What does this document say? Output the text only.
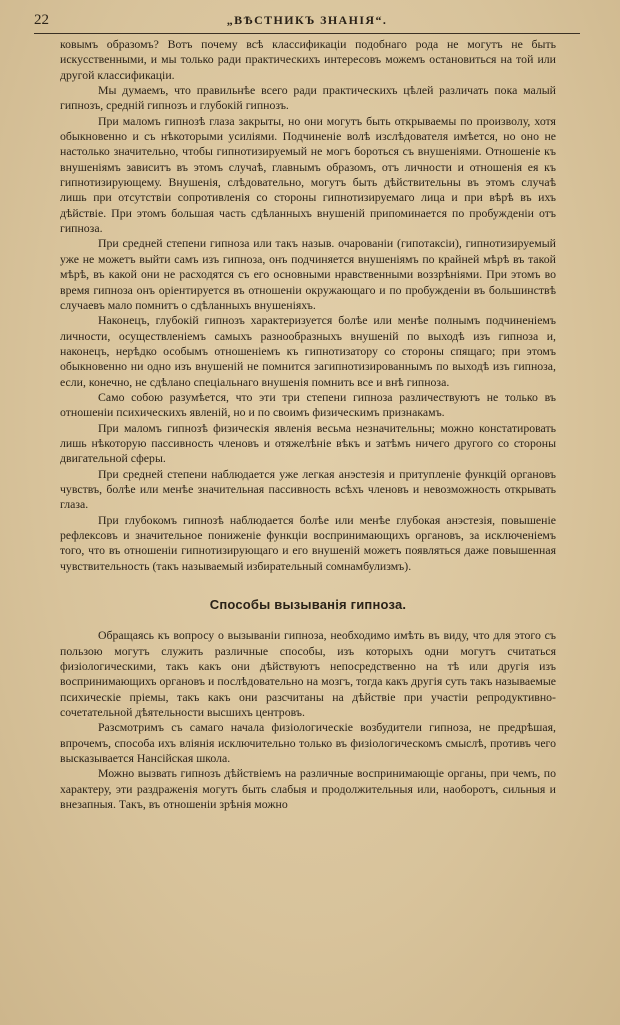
22	„ВѢСТНИКЪ ЗНАНІЯ“.

ковымъ образомъ? Вотъ почему всѣ классификаціи подобнаго рода не могутъ не быть искусственными, и мы только ради практическихъ интересовъ можемъ остановиться на той или другой классификаціи.

Мы думаемъ, что правильнѣе всего ради практическихъ цѣлей различать пока малый гипнозъ, средній гипнозъ и глубокій гипнозъ.

При маломъ гипнозѣ глаза закрыты, но они могутъ быть открываемы по произволу, хотя обыкновенно и съ нѣкоторыми усиліями. Подчиненіе волѣ изслѣдователя имѣется, но оно не настолько значительно, чтобы гипнотизируемый не могъ бороться съ внушеніями. Отношеніе къ внушеніямъ зависитъ въ этомъ случаѣ, главнымъ образомъ, отъ личности и отношенія ея къ гипнотизирующему. Внушенія, слѣдовательно, могутъ быть дѣйствительны въ этомъ случаѣ лишь при отсутствіи сопротивленія со стороны гипнотизируемаго лица и при вѣрѣ въ ихъ дѣйствіе. При этомъ большая часть сдѣланныхъ внушеній припоминается по пробужденіи отъ гипноза.

При средней степени гипноза или такъ назыв. очарованіи (гипотаксіи), гипнотизируемый уже не можетъ выйти самъ изъ гипноза, онъ подчиняется внушеніямъ по крайней мѣрѣ въ такой мѣрѣ, въ какой они не расходятся съ его основными нравственными воззрѣніями. При этомъ во время гипноза онъ оріентируется въ отношеніи окружающаго и по пробужденіи въ большинствѣ случаевъ мало помнитъ о сдѣланныхъ внушеніяхъ.

Наконецъ, глубокій гипнозъ характеризуется болѣе или менѣе полнымъ подчиненіемъ личности, осуществленіемъ самыхъ разнообразныхъ внушеній по выходѣ изъ гипноза и, наконецъ, нерѣдко особымъ отношеніемъ къ гипнотизатору со стороны спящаго; при этомъ обыкновенно ни одно изъ внушеній не помнится загипнотизированнымъ по выходѣ изъ гипноза, если, конечно, не сдѣлано спеціальнаго внушенія помнить все и внѣ гипноза.

Само собою разумѣется, что эти три степени гипноза различествуютъ не только въ отношеніи психическихъ явленій, но и по своимъ физическимъ признакамъ.

При маломъ гипнозѣ физическія явленія весьма незначительны; можно констатировать лишь нѣкоторую пассивность членовъ и отяжелѣніе вѣкъ и затѣмъ ничего другого со стороны двигательной сферы.

При средней степени наблюдается уже легкая анэстезія и притупленіе функцій органовъ чувствъ, болѣе или менѣе значительная пассивность всѣхъ членовъ и невозможность открывать глаза.

При глубокомъ гипнозѣ наблюдается болѣе или менѣе глубокая анэстезія, повышеніе рефлексовъ и значительное пониженіе функціи воспринимающихъ органовъ, за исключеніемъ того, что въ отношеніи гипнотизирующаго и его внушеній можетъ появляться даже повышенная чувствительность (такъ называемый избирательный сомнамбулизмъ).

Способы вызыванія гипноза.

Обращаясь къ вопросу о вызываніи гипноза, необходимо имѣть въ виду, что для этого съ пользою могутъ служить различные способы, изъ которыхъ одни могутъ считаться физіологическими, такъ какъ они дѣйствуютъ непосредственно на тѣ или другія изъ воспринимающихъ органовъ и послѣдовательно на мозгъ, тогда какъ другія суть такъ называемые психическіе пріемы, такъ какъ они разсчитаны на дѣйствіе при участіи репродуктивно-сочетательной дѣятельности высшихъ центровъ.

Разсмотримъ съ самаго начала физіологическіе возбудители гипноза, не предрѣшая, впрочемъ, способа ихъ вліянія исключительно только въ физіологическомъ смыслѣ, противъ чего высказывается Нансійская школа.

Можно вызвать гипнозъ дѣйствіемъ на различные воспринимающіе органы, при чемъ, по характеру, эти раздраженія могутъ быть слабыя и продолжительныя или, наоборотъ, сильныя и внезапныя. Такъ, въ отношеніи зрѣнія можно
